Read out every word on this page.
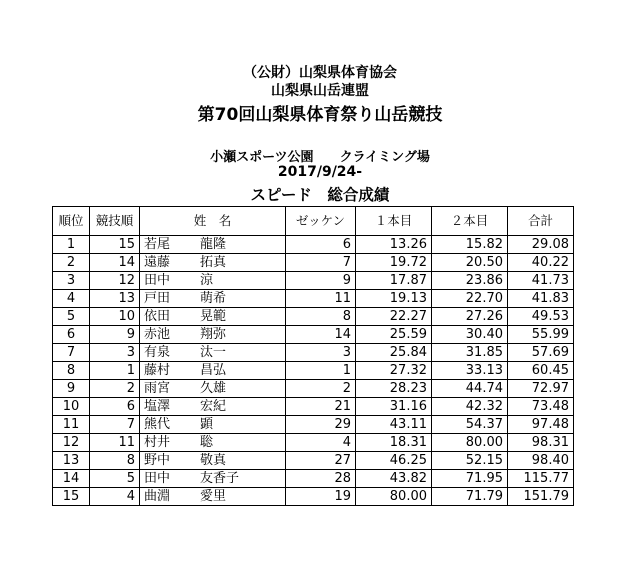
（公財）山梨県体育協会
山梨県山岳連盟
第70回山梨県体育祭り山岳競技
小瀬スポーツ公園 クライミング場
2017/9/24-
スピード　総合成績
順位	競技順	姓　名	ゼッケン	１本目	２本目	合計
1	15	若尾 龍隆	6	13.26	15.82	29.08
2	14	遠藤 拓真	7	19.72	20.50	40.22
3	12	田中 涼	9	17.87	23.86	41.73
4	13	戸田 萌希	11	19.13	22.70	41.83
5	10	依田 晃範	8	22.27	27.26	49.53
6	9	赤池 翔弥	14	25.59	30.40	55.99
7	3	有泉 汰一	3	25.84	31.85	57.69
8	1	藤村 昌弘	1	27.32	33.13	60.45
9	2	雨宮 久雄	2	28.23	44.74	72.97
10	6	塩澤 宏紀	21	31.16	42.32	73.48
11	7	熊代 顕	29	43.11	54.37	97.48
12	11	村井 聡	4	18.31	80.00	98.31
13	8	野中 敬真	27	46.25	52.15	98.40
14	5	田中 友香子	28	43.82	71.95	115.77
15	4	曲淵 愛里	19	80.00	71.79	151.79
